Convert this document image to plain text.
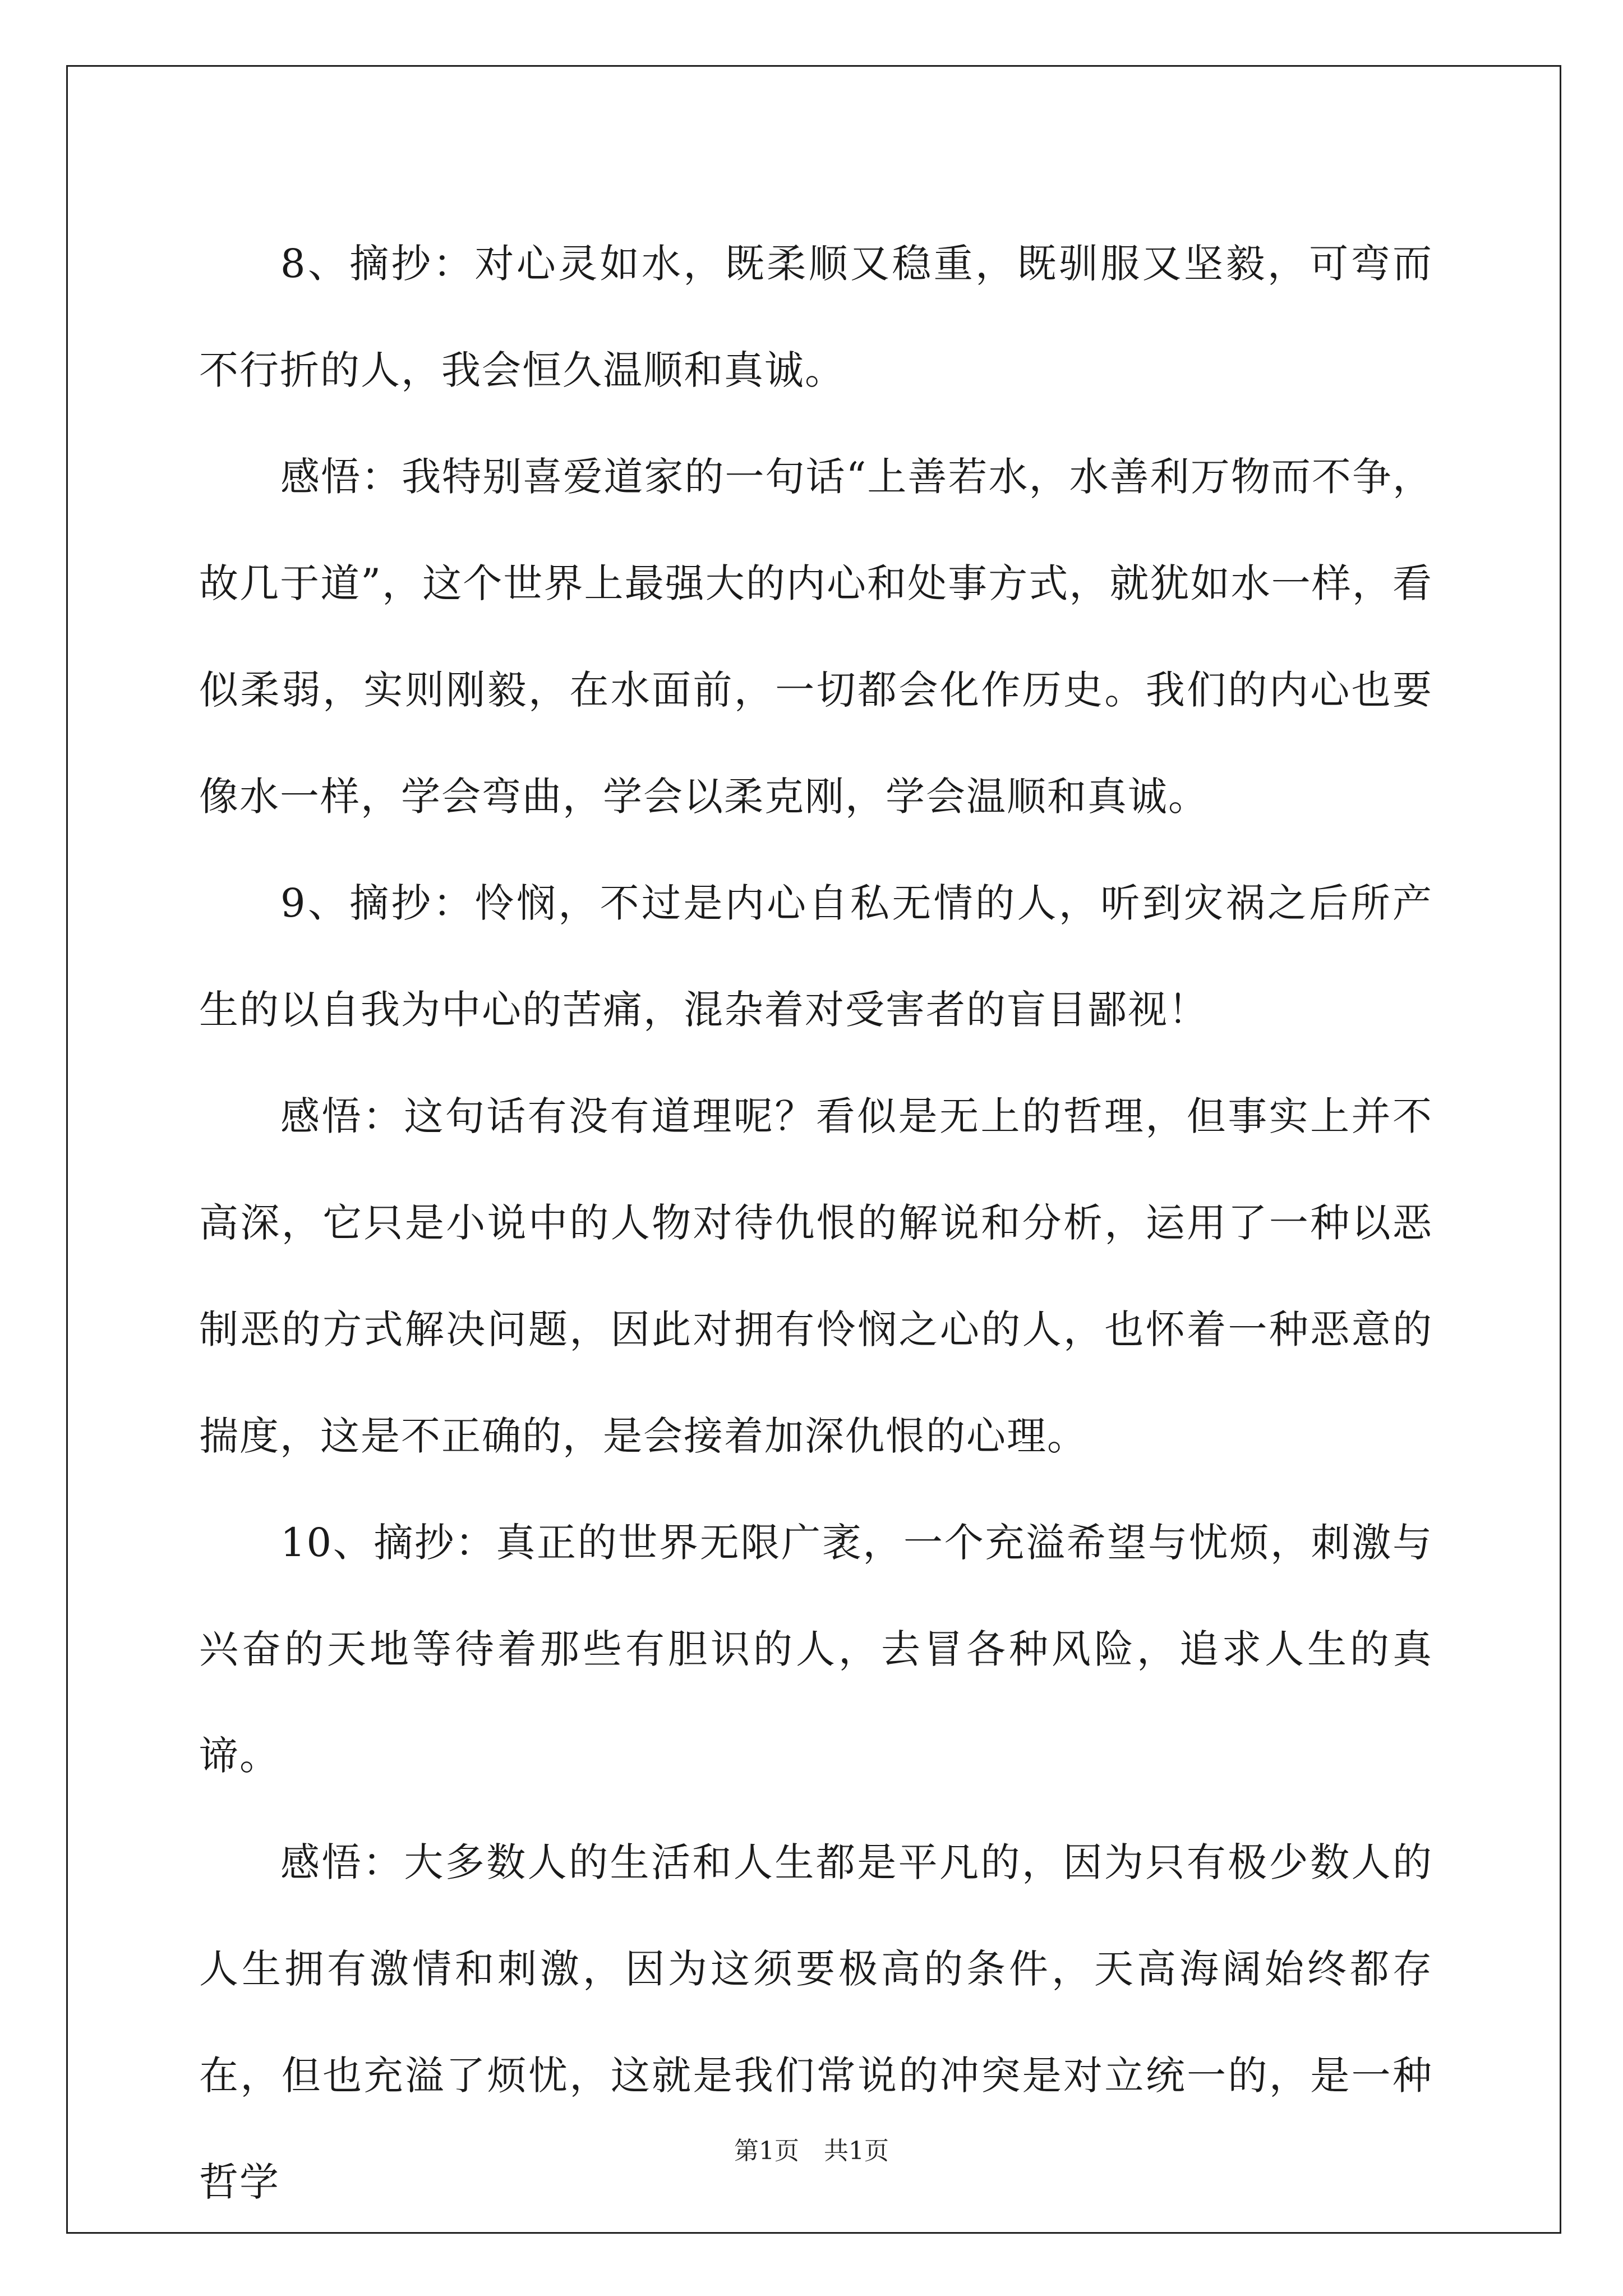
8、摘抄：对心灵如水，既柔顺又稳重，既驯服又坚毅，可弯而不行折的人，我会恒久温顺和真诚。

感悟：我特别喜爱道家的一句话“上善若水，水善利万物而不争，故几于道”，这个世界上最强大的内心和处事方式，就犹如水一样，看似柔弱，实则刚毅，在水面前，一切都会化作历史。我们的内心也要像水一样，学会弯曲，学会以柔克刚，学会温顺和真诚。

9、摘抄：怜悯，不过是内心自私无情的人，听到灾祸之后所产生的以自我为中心的苦痛，混杂着对受害者的盲目鄙视！

感悟：这句话有没有道理呢？看似是无上的哲理，但事实上并不高深，它只是小说中的人物对待仇恨的解说和分析，运用了一种以恶制恶的方式解决问题，因此对拥有怜悯之心的人，也怀着一种恶意的揣度，这是不正确的，是会接着加深仇恨的心理。

10、摘抄：真正的世界无限广袤，一个充溢希望与忧烦，刺激与兴奋的天地等待着那些有胆识的人，去冒各种风险，追求人生的真谛。

感悟：大多数人的生活和人生都是平凡的，因为只有极少数人的人生拥有激情和刺激，因为这须要极高的条件，天高海阔始终都存在，但也充溢了烦忧，这就是我们常说的冲突是对立统一的，是一种哲学

第1页　共1页
